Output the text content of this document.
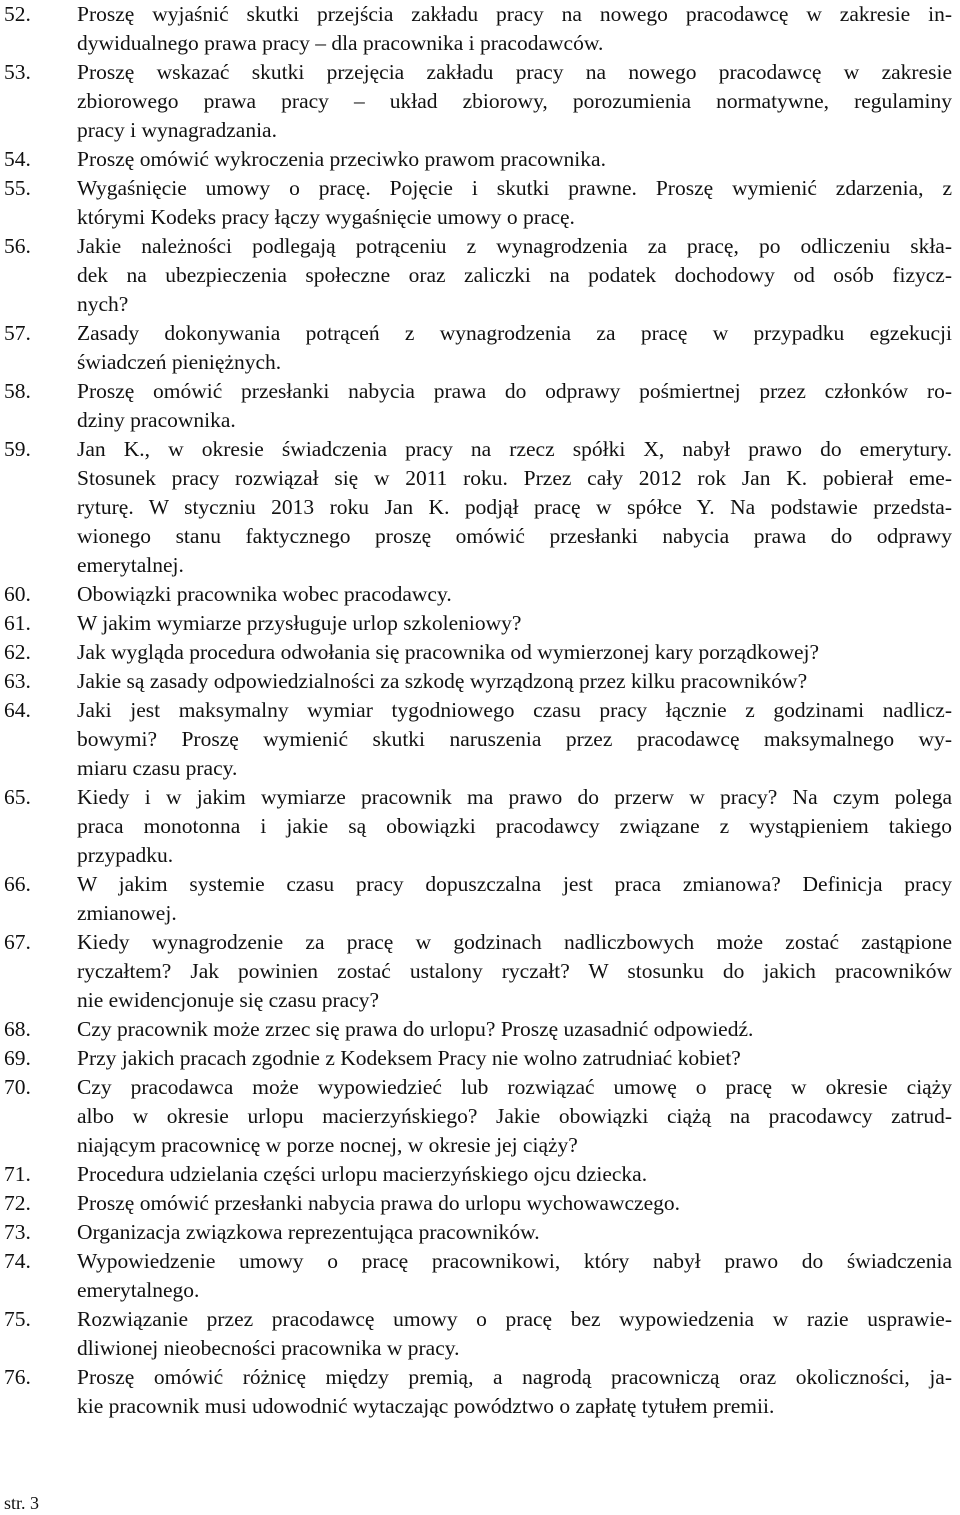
52.	Proszę wyjaśnić skutki przejścia zakładu pracy na nowego pracodawcę w zakresie in-
dywidualnego prawa pracy – dla pracownika i pracodawców.
53.	Proszę wskazać skutki przejęcia zakładu pracy na nowego pracodawcę w zakresie
zbiorowego prawa pracy – układ zbiorowy, porozumienia normatywne, regulaminy
pracy i wynagradzania.
54.	Proszę omówić wykroczenia przeciwko prawom pracownika.
55.	Wygaśnięcie umowy o pracę. Pojęcie i skutki prawne. Proszę wymienić zdarzenia, z
którymi Kodeks pracy łączy wygaśnięcie umowy o pracę.
56.	Jakie należności podlegają potrąceniu z wynagrodzenia za pracę, po odliczeniu skła-
dek na ubezpieczenia społeczne oraz zaliczki na podatek dochodowy od osób fizycz-
nych?
57.	Zasady dokonywania potrąceń z wynagrodzenia za pracę w przypadku egzekucji
świadczeń pieniężnych.
58.	Proszę omówić przesłanki nabycia prawa do odprawy pośmiertnej przez członków ro-
dziny pracownika.
59.	Jan K., w okresie świadczenia pracy na rzecz spółki X, nabył prawo do emerytury.
Stosunek pracy rozwiązał się w 2011 roku. Przez cały 2012 rok Jan K. pobierał eme-
ryturę. W styczniu 2013 roku Jan K. podjął pracę w spółce Y. Na podstawie przedsta-
wionego stanu faktycznego proszę omówić przesłanki nabycia prawa do odprawy
emerytalnej.
60.	Obowiązki pracownika wobec pracodawcy.
61.	W jakim wymiarze przysługuje urlop szkoleniowy?
62.	Jak wygląda procedura odwołania się pracownika od wymierzonej kary porządkowej?
63.	Jakie są zasady odpowiedzialności za szkodę wyrządzoną przez kilku pracowników?
64.	Jaki jest maksymalny wymiar tygodniowego czasu pracy łącznie z godzinami nadlicz-
bowymi? Proszę wymienić skutki naruszenia przez pracodawcę maksymalnego wy-
miaru czasu pracy.
65.	Kiedy i w jakim wymiarze pracownik ma prawo do przerw w pracy? Na czym polega
praca monotonna i jakie są obowiązki pracodawcy związane z wystąpieniem takiego
przypadku.
66.	W jakim systemie czasu pracy dopuszczalna jest praca zmianowa? Definicja pracy
zmianowej.
67.	Kiedy wynagrodzenie za pracę w godzinach nadliczbowych może zostać zastąpione
ryczałtem? Jak powinien zostać ustalony ryczałt? W stosunku do jakich pracowników
nie ewidencjonuje się czasu pracy?
68.	Czy pracownik może zrzec się prawa do urlopu? Proszę uzasadnić odpowiedź.
69.	Przy jakich pracach zgodnie z Kodeksem Pracy nie wolno zatrudniać kobiet?
70.	Czy pracodawca może wypowiedzieć lub rozwiązać umowę o pracę w okresie ciąży
albo w okresie urlopu macierzyńskiego? Jakie obowiązki ciążą na pracodawcy zatrud-
niającym pracownicę w porze nocnej, w okresie jej ciąży?
71.	Procedura udzielania części urlopu macierzyńskiego ojcu dziecka.
72.	Proszę omówić przesłanki nabycia prawa do urlopu wychowawczego.
73.	Organizacja związkowa reprezentująca pracowników.
74.	Wypowiedzenie umowy o pracę pracownikowi, który nabył prawo do świadczenia
emerytalnego.
75.	Rozwiązanie przez pracodawcę umowy o pracę bez wypowiedzenia w razie usprawie-
dliwionej nieobecności pracownika w pracy.
76.	Proszę omówić różnicę między premią, a nagrodą pracowniczą oraz okoliczności, ja-
kie pracownik musi udowodnić wytaczając powództwo o zapłatę tytułem premii.
str. 3
